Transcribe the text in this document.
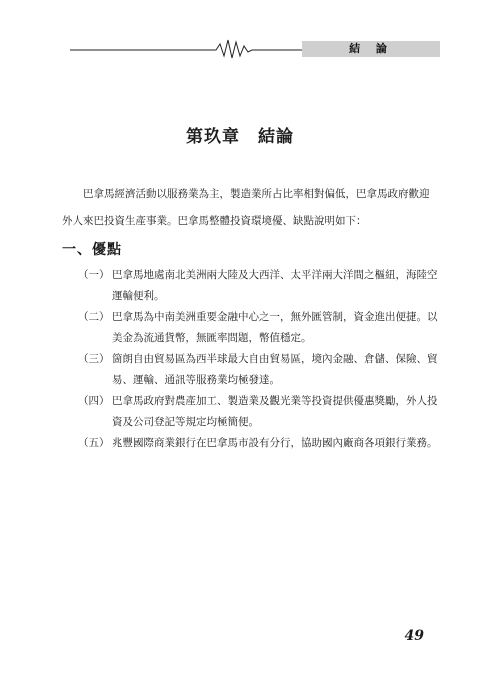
結 論
第玖章　結論

巴拿馬經濟活動以服務業為主，製造業所占比率相對偏低，巴拿馬政府歡迎外人來巴投資生產事業。巴拿馬整體投資環境優、缺點說明如下：

一、優點
（一） 巴拿馬地處南北美洲兩大陸及大西洋、太平洋兩大洋間之樞紐，海陸空運輸便利。
（二） 巴拿馬為中南美洲重要金融中心之一，無外匯管制，資金進出便捷。以美金為流通貨幣，無匯率問題，幣值穩定。
（三） 箇朗自由貿易區為西半球最大自由貿易區，境內金融、倉儲、保險、貿易、運輸、通訊等服務業均極發達。
（四） 巴拿馬政府對農產加工、製造業及觀光業等投資提供優惠獎勵，外人投資及公司登記等規定均極簡便。
（五） 兆豐國際商業銀行在巴拿馬市設有分行，協助國內廠商各項銀行業務。
49
